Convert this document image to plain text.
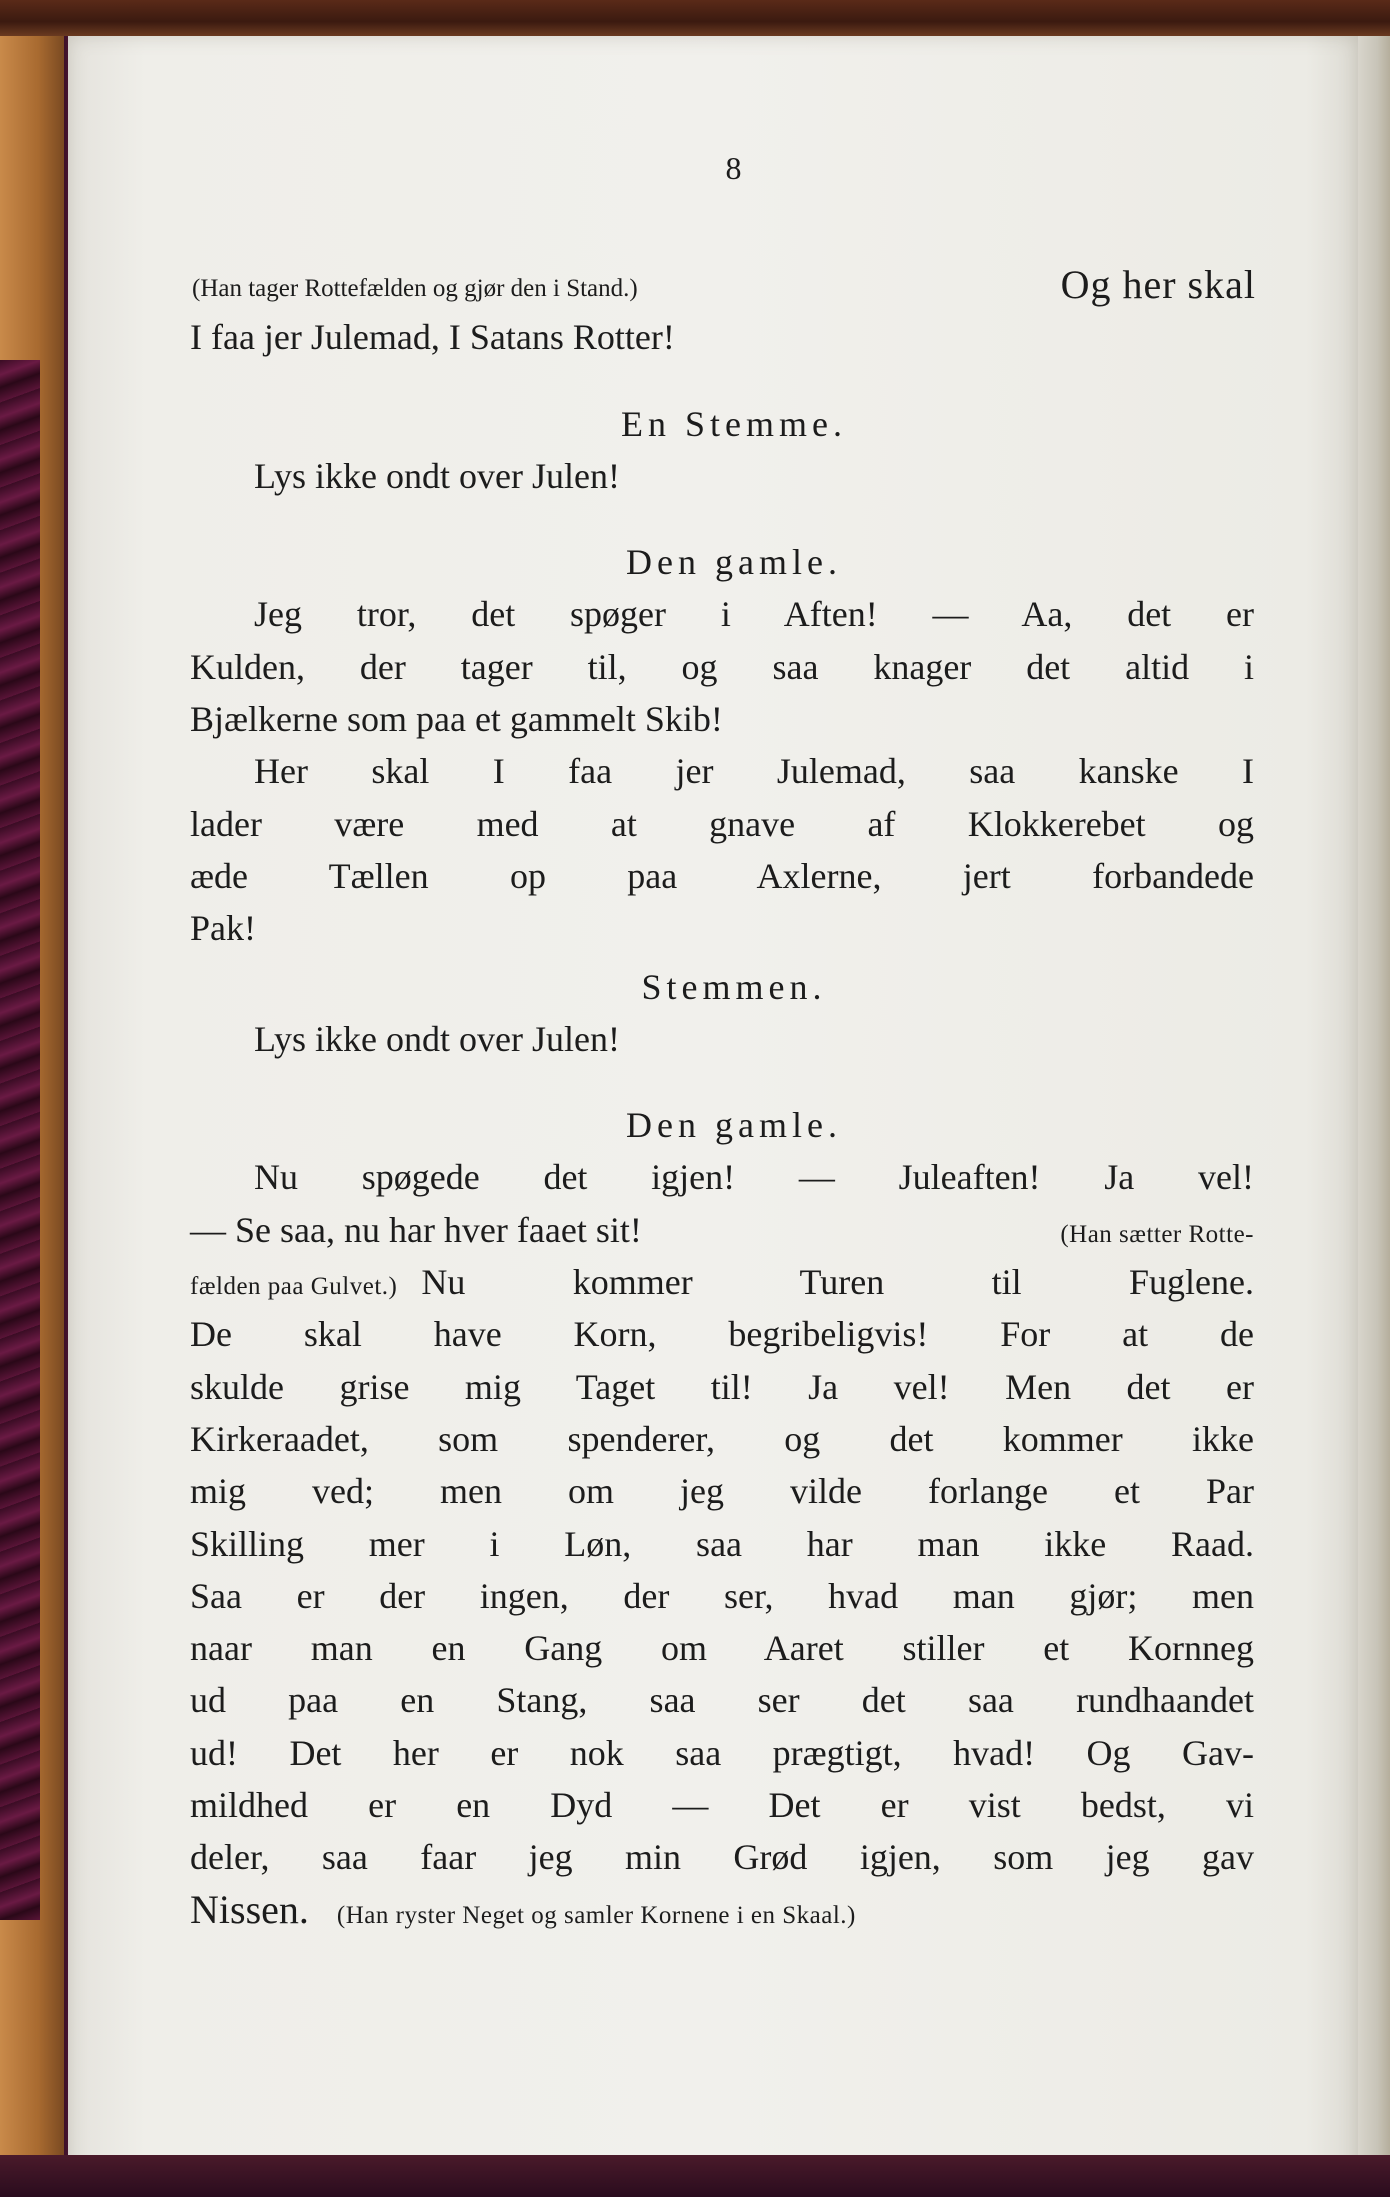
8
(Han tager Rottefælden og gjør den i Stand.)	Og her skal
I faa jer Julemad, I Satans Rotter!
En Stemme.
Lys ikke ondt over Julen!
Den gamle.
Jeg tror, det spøger i Aften! — Aa, det er
Kulden, der tager til, og saa knager det altid i
Bjælkerne som paa et gammelt Skib!
Her skal I faa jer Julemad, saa kanske I
lader være med at gnave af Klokkerebet og
æde Tællen op paa Axlerne, jert forbandede
Pak!
Stemmen.
Lys ikke ondt over Julen!
Den gamle.
Nu spøgede det igjen! — Juleaften! Ja vel!
— Se saa, nu har hver faaet sit!	(Han sætter Rotte-
fælden paa Gulvet.) Nu kommer Turen til Fuglene.
De skal have Korn, begribeligvis! For at de
skulde grise mig Taget til! Ja vel! Men det er
Kirkeraadet, som spenderer, og det kommer ikke
mig ved; men om jeg vilde forlange et Par
Skilling mer i Løn, saa har man ikke Raad.
Saa er der ingen, der ser, hvad man gjør; men
naar man en Gang om Aaret stiller et Kornneg
ud paa en Stang, saa ser det saa rundhaandet
ud! Det her er nok saa prægtigt, hvad! Og Gav-
mildhed er en Dyd — Det er vist bedst, vi
deler, saa faar jeg min Grød igjen, som jeg gav
Nissen. (Han ryster Neget og samler Kornene i en Skaal.)
